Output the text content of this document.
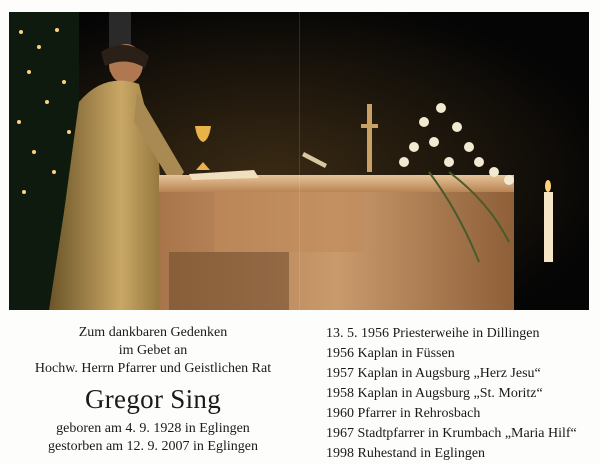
Zum dankbaren Gedenken
im Gebet an
Hochw. Herrn Pfarrer und Geistlichen Rat
Gregor Sing
geboren am 4. 9. 1928 in Eglingen
gestorben am 12. 9. 2007 in Eglingen
13. 5. 1956 Priesterweihe in Dillingen
1956 Kaplan in Füssen
1957 Kaplan in Augsburg „Herz Jesu“
1958 Kaplan in Augsburg „St. Moritz“
1960 Pfarrer in Rehrosbach
1967 Stadtpfarrer in Krumbach „Maria Hilf“
1998 Ruhestand in Eglingen
